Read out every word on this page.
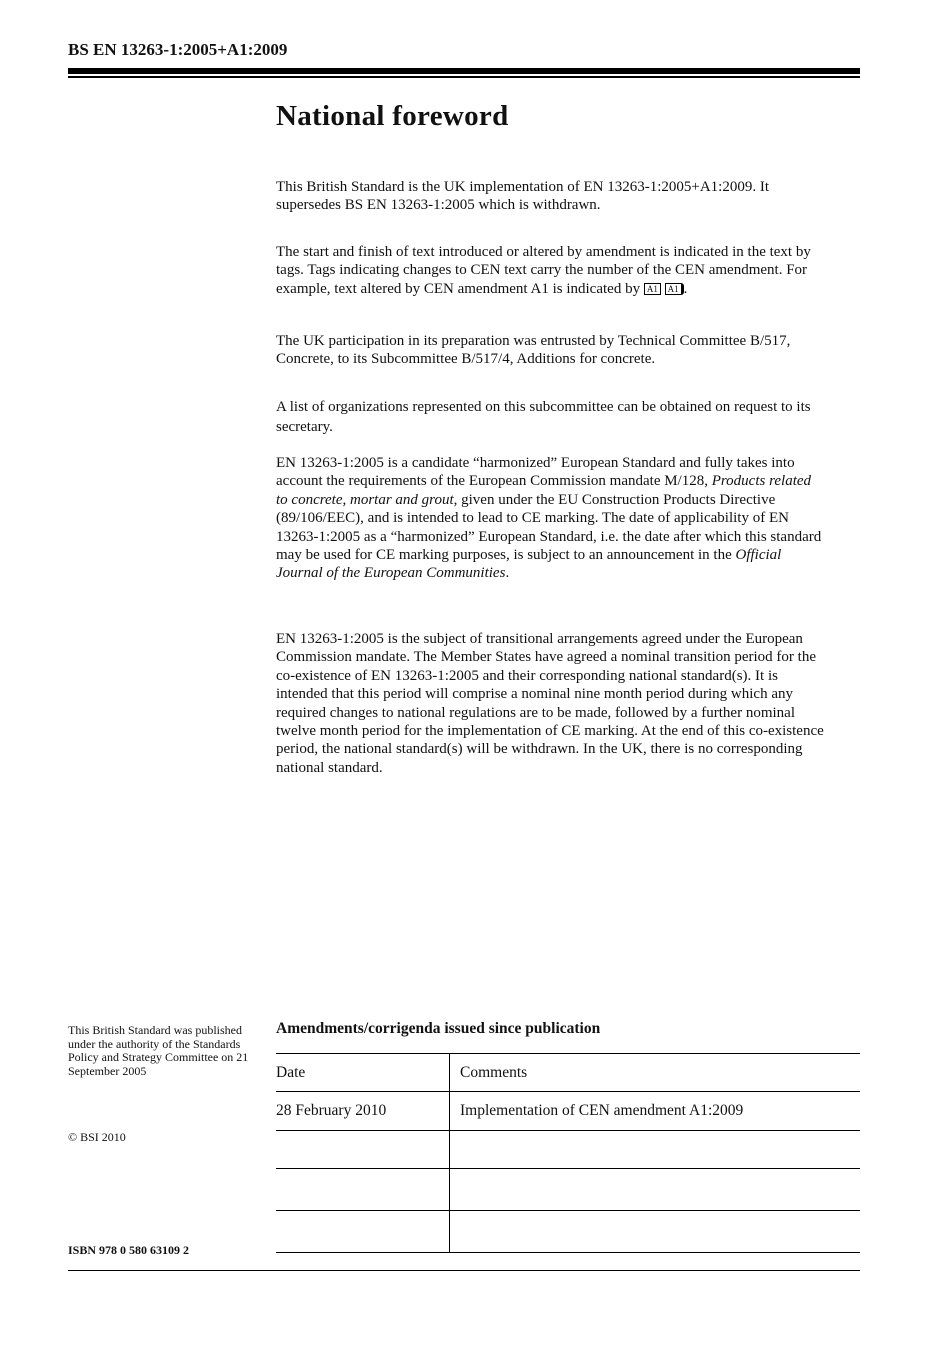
BS EN 13263-1:2005+A1:2009
National foreword

This British Standard is the UK implementation of EN 13263-1:2005+A1:2009. It supersedes BS EN 13263-1:2005 which is withdrawn.

The start and finish of text introduced or altered by amendment is indicated in the text by tags. Tags indicating changes to CEN text carry the number of the CEN amendment. For example, text altered by CEN amendment A1 is indicated by A1 A1 .

The UK participation in its preparation was entrusted by Technical Committee B/517, Concrete, to its Subcommittee B/517/4, Additions for concrete.

A list of organizations represented on this subcommittee can be obtained on request to its secretary.

EN 13263-1:2005 is a candidate “harmonized” European Standard and fully takes into account the requirements of the European Commission mandate M/128, Products related to concrete, mortar and grout, given under the EU Construction Products Directive (89/106/EEC), and is intended to lead to CE marking. The date of applicability of EN 13263-1:2005 as a “harmonized” European Standard, i.e. the date after which this standard may be used for CE marking purposes, is subject to an announcement in the Official Journal of the European Communities.

EN 13263-1:2005 is the subject of transitional arrangements agreed under the European Commission mandate. The Member States have agreed a nominal transition period for the co-existence of EN 13263-1:2005 and their corresponding national standard(s). It is intended that this period will comprise a nominal nine month period during which any required changes to national regulations are to be made, followed by a further nominal twelve month period for the implementation of CE marking. At the end of this co-existence period, the national standard(s) will be withdrawn. In the UK, there is no corresponding national standard.

This British Standard was published under the authority of the Standards Policy and Strategy Committee on 21 September 2005

© BSI 2010

ISBN 978 0 580 63109 2

Amendments/corrigenda issued since publication

Date	Comments
28 February 2010	Implementation of CEN amendment A1:2009
